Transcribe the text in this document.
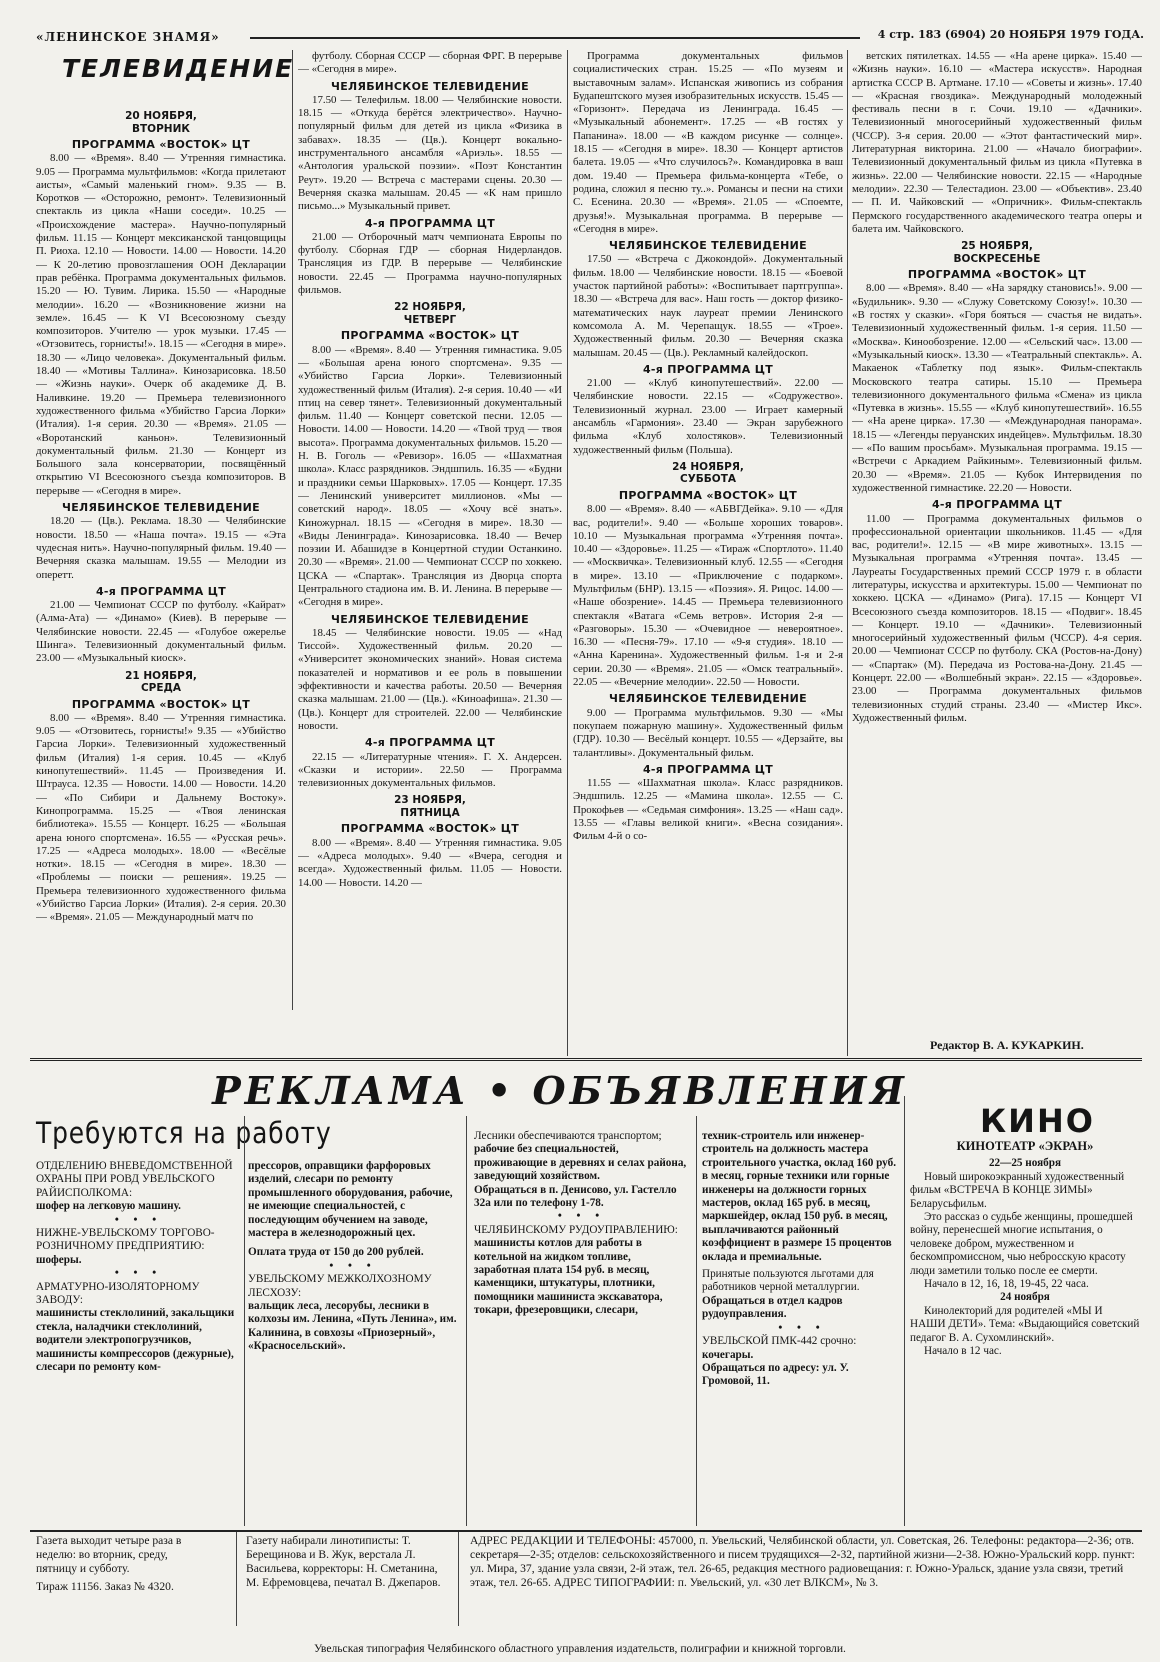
«ЛЕНИНСКОЕ ЗНАМЯ»	4 стр. 183 (6904) 20 НОЯБРЯ 1979 ГОДА.
ТЕЛЕВИДЕНИЕ
20 НОЯБРЯ,
ВТОРНИК
ПРОГРАММА «ВОСТОК» ЦТ

8.00 — «Время». 8.40 — Утренняя гимнастика. 9.05 — Программа мультфильмов: «Когда прилетают аисты», «Самый маленький гном». 9.35 — В. Коротков — «Осторожно, ремонт». Телевизионный спектакль из цикла «Наши соседи». 10.25 — «Происхождение мастера». Научно-популярный фильм. 11.15 — Концерт мексиканской танцовщицы П. Риоха. 12.10 — Новости. 14.00 — Новости. 14.20 — К 20-летию провозглашения ООН Декларации прав ребёнка. Программа документальных фильмов. 15.20 — Ю. Тувим. Лирика. 15.50 — «Народные мелодии». 16.20 — «Возникновение жизни на земле». 16.45 — К VI Всесоюзному съезду композиторов. Учителю — урок музыки. 17.45 — «Отзовитесь, горнисты!». 18.15 — «Сегодня в мире». 18.30 — «Лицо человека». Документальный фильм. 18.40 — «Мотивы Таллина». Кинозарисовка. 18.50 — «Жизнь науки». Очерк об академике Д. В. Наливкине. 19.20 — Премьера телевизионного художественного фильма «Убийство Гарсиа Лорки» (Италия). 1-я серия. 20.30 — «Время». 21.05 — «Воротанский каньон». Телевизионный документальный фильм. 21.30 — Концерт из Большого зала консерватории, посвящённый открытию VI Всесоюзного съезда композиторов. В перерыве — «Сегодня в мире».

ЧЕЛЯБИНСКОЕ ТЕЛЕВИДЕНИЕ

18.20 — (Цв.). Реклама. 18.30 — Челябинские новости. 18.50 — «Наша почта». 19.15 — «Эта чудесная нить». Научно-популярный фильм. 19.40 — Вечерняя сказка малышам. 19.55 — Мелодии из оперетт.

4-я ПРОГРАММА ЦТ

21.00 — Чемпионат СССР по футболу. «Кайрат» (Алма-Ата) — «Динамо» (Киев). В перерыве — Челябинские новости. 22.45 — «Голубое ожерелье Шинга». Телевизионный документальный фильм. 23.00 — «Музыкальный киоск».

21 НОЯБРЯ,
СРЕДА
ПРОГРАММА «ВОСТОК» ЦТ

8.00 — «Время». 8.40 — Утренняя гимнастика. 9.05 — «Отзовитесь, горнисты!» 9.35 — «Убийство Гарсиа Лорки». Телевизионный художественный фильм (Италия) 1-я серия. 10.45 — «Клуб кинопутешествий». 11.45 — Произведения И. Штрауса. 12.35 — Новости. 14.00 — Новости. 14.20 — «По Сибири и Дальнему Востоку». Кинопрограмма. 15.25 — «Твоя ленинская библиотека». 15.55 — Концерт. 16.25 — «Большая арена юного спортсмена». 16.55 — «Русская речь». 17.25 — «Адреса молодых». 18.00 — «Весёлые нотки». 18.15 — «Сегодня в мире». 18.30 — «Проблемы — поиски — решения». 19.25 — Премьера телевизионного художественного фильма «Убийство Гарсиа Лорки» (Италия). 2-я серия. 20.30 — «Время». 21.05 — Международный матч по

футболу. Сборная СССР — сборная ФРГ. В перерыве — «Сегодня в мире».

ЧЕЛЯБИНСКОЕ ТЕЛЕВИДЕНИЕ

17.50 — Телефильм. 18.00 — Челябинские новости. 18.15 — «Откуда берётся электричество». Научно-популярный фильм для детей из цикла «Физика в забавах». 18.35 — (Цв.). Концерт вокально-инструментального ансамбля «Ариэль». 18.55 — «Антология уральской поэзии». «Поэт Константин Реут». 19.20 — Встреча с мастерами сцены. 20.30 — Вечерняя сказка малышам. 20.45 — «К нам пришло письмо...» Музыкальный привет.

4-я ПРОГРАММА ЦТ

21.00 — Отборочный матч чемпионата Европы по футболу. Сборная ГДР — сборная Нидерландов. Трансляция из ГДР. В перерыве — Челябинские новости. 22.45 — Программа научно-популярных фильмов.

22 НОЯБРЯ,
ЧЕТВЕРГ
ПРОГРАММА «ВОСТОК» ЦТ

8.00 — «Время». 8.40 — Утренняя гимнастика. 9.05 — «Большая арена юного спортсмена». 9.35 — «Убийство Гарсиа Лорки». Телевизионный художественный фильм (Италия). 2-я серия. 10.40 — «И птиц на север тянет». Телевизионный документальный фильм. 11.40 — Концерт советской песни. 12.05 — Новости. 14.00 — Новости. 14.20 — «Твой труд — твоя высота». Программа документальных фильмов. 15.20 — Н. В. Гоголь — «Ревизор». 16.05 — «Шахматная школа». Класс разрядников. Эндшпиль. 16.35 — «Будни и праздники семьи Шарковых». 17.05 — Концерт. 17.35 — Ленинский университет миллионов. «Мы — советский народ». 18.05 — «Хочу всё знать». Киножурнал. 18.15 — «Сегодня в мире». 18.30 — «Виды Ленинграда». Кинозарисовка. 18.40 — Вечер поэзии И. Абашидзе в Концертной студии Останкино. 20.30 — «Время». 21.00 — Чемпионат СССР по хоккею. ЦСКА — «Спартак». Трансляция из Дворца спорта Центрального стадиона им. В. И. Ленина. В перерыве — «Сегодня в мире».

ЧЕЛЯБИНСКОЕ ТЕЛЕВИДЕНИЕ

18.45 — Челябинские новости. 19.05 — «Над Тиссой». Художественный фильм. 20.20 — «Университет экономических знаний». Новая система показателей и нормативов и ее роль в повышении эффективности и качества работы. 20.50 — Вечерняя сказка малышам. 21.00 — (Цв.). «Киноафиша». 21.30 — (Цв.). Концерт для строителей. 22.00 — Челябинские новости.

4-я ПРОГРАММА ЦТ

22.15 — «Литературные чтения». Г. Х. Андерсен. «Сказки и истории». 22.50 — Программа телевизионных документальных фильмов.

23 НОЯБРЯ,
ПЯТНИЦА
ПРОГРАММА «ВОСТОК» ЦТ

8.00 — «Время». 8.40 — Утренняя гимнастика. 9.05 — «Адреса молодых». 9.40 — «Вчера, сегодня и всегда». Художественный фильм. 11.05 — Новости. 14.00 — Новости. 14.20 —

Программа документальных фильмов социалистических стран. 15.25 — «По музеям и выставочным залам». Испанская живопись из собрания Будапештского музея изобразительных искусств. 15.45 — «Горизонт». Передача из Ленинграда. 16.45 — «Музыкальный абонемент». 17.25 — «В гостях у Папанина». 18.00 — «В каждом рисунке — солнце». 18.15 — «Сегодня в мире». 18.30 — Концерт артистов балета. 19.05 — «Что случилось?». Командировка в ваш дом. 19.40 — Премьера фильма-концерта «Тебе, о родина, сложил я песню ту..». Романсы и песни на стихи С. Есенина. 20.30 — «Время». 21.05 — «Споемте, друзья!». Музыкальная программа. В перерыве — «Сегодня в мире».

ЧЕЛЯБИНСКОЕ ТЕЛЕВИДЕНИЕ

17.50 — «Встреча с Джокондой». Документальный фильм. 18.00 — Челябинские новости. 18.15 — «Боевой участок партийной работы»: «Воспитывает партгруппа». 18.30 — «Встреча для вас». Наш гость — доктор физико-математических наук лауреат премии Ленинского комсомола А. М. Черепащук. 18.55 — «Трое». Художественный фильм. 20.30 — Вечерняя сказка малышам. 20.45 — (Цв.). Рекламный калейдоскоп.

4-я ПРОГРАММА ЦТ

21.00 — «Клуб кинопутешествий». 22.00 — Челябинские новости. 22.15 — «Содружество». Телевизионный журнал. 23.00 — Играет камерный ансамбль «Гармония». 23.40 — Экран зарубежного фильма «Клуб холостяков». Телевизионный художественный фильм (Польша).

24 НОЯБРЯ,
СУББОТА
ПРОГРАММА «ВОСТОК» ЦТ

8.00 — «Время». 8.40 — «АБВГДейка». 9.10 — «Для вас, родители!». 9.40 — «Больше хороших товаров». 10.10 — Музыкальная программа «Утренняя почта». 10.40 — «Здоровье». 11.25 — «Тираж «Спортлото». 11.40 — «Москвичка». Телевизионный клуб. 12.55 — «Сегодня в мире». 13.10 — «Приключение с подарком». Мультфильм (БНР). 13.15 — «Поэзия». Я. Рицос. 14.00 — «Наше обозрение». 14.45 — Премьера телевизионного спектакля «Ватага «Семь ветров». История 2-я — «Разговоры». 15.30 — «Очевидное — невероятное». 16.30 — «Песня-79». 17.10 — «9-я студия». 18.10 — «Анна Каренина». Художественный фильм. 1-я и 2-я серии. 20.30 — «Время». 21.05 — «Омск театральный». 22.05 — «Вечерние мелодии». 22.50 — Новости.

ЧЕЛЯБИНСКОЕ ТЕЛЕВИДЕНИЕ

9.00 — Программа мультфильмов. 9.30 — «Мы покупаем пожарную машину». Художественный фильм (ГДР). 10.30 — Весёлый концерт. 10.55 — «Дерзайте, вы талантливы». Документальный фильм.

4-я ПРОГРАММА ЦТ

11.55 — «Шахматная школа». Класс разрядников. Эндшпиль. 12.25 — «Мамина школа». 12.55 — С. Прокофьев — «Седьмая симфония». 13.25 — «Наш сад». 13.55 — «Главы великой книги». «Весна созидания». Фильм 4-й о со-

ветских пятилетках. 14.55 — «На арене цирка». 15.40 — «Жизнь науки». 16.10 — «Мастера искусств». Народная артистка СССР В. Артмане. 17.10 — «Советы и жизнь». 17.40 — «Красная гвоздика». Международный молодежный фестиваль песни в г. Сочи. 19.10 — «Дачники». Телевизионный многосерийный художественный фильм (ЧССР). 3-я серия. 20.00 — «Этот фантастический мир». Литературная викторина. 21.00 — «Начало биографии». Телевизионный документальный фильм из цикла «Путевка в жизнь». 22.00 — Челябинские новости. 22.15 — «Народные мелодии». 22.30 — Телестадион. 23.00 — «Объектив». 23.40 — П. И. Чайковский — «Опричник». Фильм-спектакль Пермского государственного академического театра оперы и балета им. Чайковского.

25 НОЯБРЯ,
ВОСКРЕСЕНЬЕ
ПРОГРАММА «ВОСТОК» ЦТ

8.00 — «Время». 8.40 — «На зарядку становись!». 9.00 — «Будильник». 9.30 — «Служу Советскому Союзу!». 10.30 — «В гостях у сказки». «Горя бояться — счастья не видать». Телевизионный художественный фильм. 1-я серия. 11.50 — «Москва». Кинообозрение. 12.00 — «Сельский час». 13.00 — «Музыкальный киоск». 13.30 — «Театральный спектакль». А. Макаенок «Таблетку под язык». Фильм-спектакль Московского театра сатиры. 15.10 — Премьера телевизионного документального фильма «Смена» из цикла «Путевка в жизнь». 15.55 — «Клуб кинопутешествий». 16.55 — «На арене цирка». 17.30 — «Международная панорама». 18.15 — «Легенды перуанских индейцев». Мультфильм. 18.30 — «По вашим просьбам». Музыкальная программа. 19.15 — «Встречи с Аркадием Райкиным». Телевизионный фильм. 20.30 — «Время». 21.05 — Кубок Интервидения по художественной гимнастике. 22.20 — Новости.

4-я ПРОГРАММА ЦТ

11.00 — Программа документальных фильмов о профессиональной ориентации школьников. 11.45 — «Для вас, родители!». 12.15 — «В мире животных». 13.15 — Музыкальная программа «Утренняя почта». 13.45 — Лауреаты Государственных премий СССР 1979 г. в области литературы, искусства и архитектуры. 15.00 — Чемпионат по хоккею. ЦСКА — «Динамо» (Рига). 17.15 — Концерт VI Всесоюзного съезда композиторов. 18.15 — «Подвиг». 18.45 — Концерт. 19.10 — «Дачники». Телевизионный многосерийный художественный фильм (ЧССР). 4-я серия. 20.00 — Чемпионат СССР по футболу. СКА (Ростов-на-Дону) — «Спартак» (М). Передача из Ростова-на-Дону. 21.45 — Концерт. 22.00 — «Волшебный экран». 22.15 — «Здоровье». 23.00 — Программа документальных фильмов телевизионных студий страны. 23.40 — «Мистер Икс». Художественный фильм.

Редактор В. А. КУКАРКИН.
РЕКЛАМА • ОБЪЯВЛЕНИЯ
Требуются на работу
ОТДЕЛЕНИЮ ВНЕВЕДОМСТВЕННОЙ ОХРАНЫ ПРИ РОВД УВЕЛЬСКОГО РАЙИСПОЛКОМА:
шофер на легковую машину.
• • •
НИЖНЕ-УВЕЛЬСКОМУ ТОРГОВО-РОЗНИЧНОМУ ПРЕДПРИЯТИЮ:
шоферы.
• • •
АРМАТУРНО-ИЗОЛЯТОРНОМУ ЗАВОДУ:
машинисты стеклолиний, закальщики стекла, наладчики стеклолиний, водители электропогрузчиков, машинисты компрессоров (дежурные), слесари по ремонту ком-
прессоров, оправщики фарфоровых изделий, слесари по ремонту промышленного оборудования, рабочие, не имеющие специальностей, с последующим обучением на заводе, мастера в железнодорожный цех.
Оплата труда от 150 до 200 рублей.
• • •
УВЕЛЬСКОМУ МЕЖКОЛХОЗНОМУ ЛЕСХОЗУ:
вальщик леса, лесорубы, лесники в колхозы им. Ленина, «Путь Ленина», им. Калинина, в совхозы «Приозерный», «Красносельский».
Лесники обеспечиваются транспортом;
рабочие без специальностей, проживающие в деревнях и селах района, заведующий хозяйством.
Обращаться в п. Денисово, ул. Гастелло 32а или по телефону 1-78.
• • •
ЧЕЛЯБИНСКОМУ РУДОУПРАВЛЕНИЮ:
машинисты котлов для работы в котельной на жидком топливе, заработная плата 154 руб. в месяц, каменщики, штукатуры, плотники, помощники машиниста экскаватора, токари, фрезеровщики, слесари,
техник-строитель или инженер-строитель на должность мастера строительного участка, оклад 160 руб. в месяц, горные техники или горные инженеры на должности горных мастеров, оклад 165 руб. в месяц, маркшейдер, оклад 150 руб. в месяц, выплачиваются районный коэффициент в размере 15 процентов оклада и премиальные.
Принятые пользуются льготами для работников черной металлургии.
Обращаться в отдел кадров рудоуправления.
• • •
УВЕЛЬСКОЙ ПМК-442 срочно:
кочегары.
Обращаться по адресу: ул. У. Громовой, 11.
КИНО
КИНОТЕАТР «ЭКРАН»
22—25 ноября
Новый широкоэкранный художественный фильм «ВСТРЕЧА В КОНЦЕ ЗИМЫ» Беларусьфильм.
Это рассказ о судьбе женщины, прошедшей войну, перенесшей многие испытания, о человеке добром, мужественном и бескомпромиссном, чью небросскую красоту люди заметили только после ее смерти.
Начало в 12, 16, 18, 19-45, 22 часа.
24 ноября
Кинолекторий для родителей «МЫ И НАШИ ДЕТИ». Тема: «Выдающийся советский педагог В. А. Сухомлинский».
Начало в 12 час.
Газета выходит четыре раза в неделю: во вторник, среду, пятницу и субботу.
Тираж 11156. Заказ № 4320.
Газету набирали линотиписты: Т. Берещинова и В. Жук, верстала Л. Васильева, корректоры: Н. Сметанина, М. Ефремовцева, печатал В. Джепаров.
АДРЕС РЕДАКЦИИ И ТЕЛЕФОНЫ: 457000, п. Увельский, Челябинской области, ул. Советская, 26. Телефоны: редактора—2-36; отв. секретаря—2-35; отделов: сельскохозяйственного и писем трудящихся—2-32, партийной жизни—2-38. Южно-Уральский корр. пункт: ул. Мира, 37, здание узла связи, 2-й этаж, тел. 26-65, редакция местного радиовещания: г. Южно-Уральск, здание узла связи, третий этаж, тел. 26-65. АДРЕС ТИПОГРАФИИ: п. Увельский, ул. «30 лет ВЛКСМ», № 3.
Увельская типография Челябинского областного управления издательств, полиграфии и книжной торговли.
